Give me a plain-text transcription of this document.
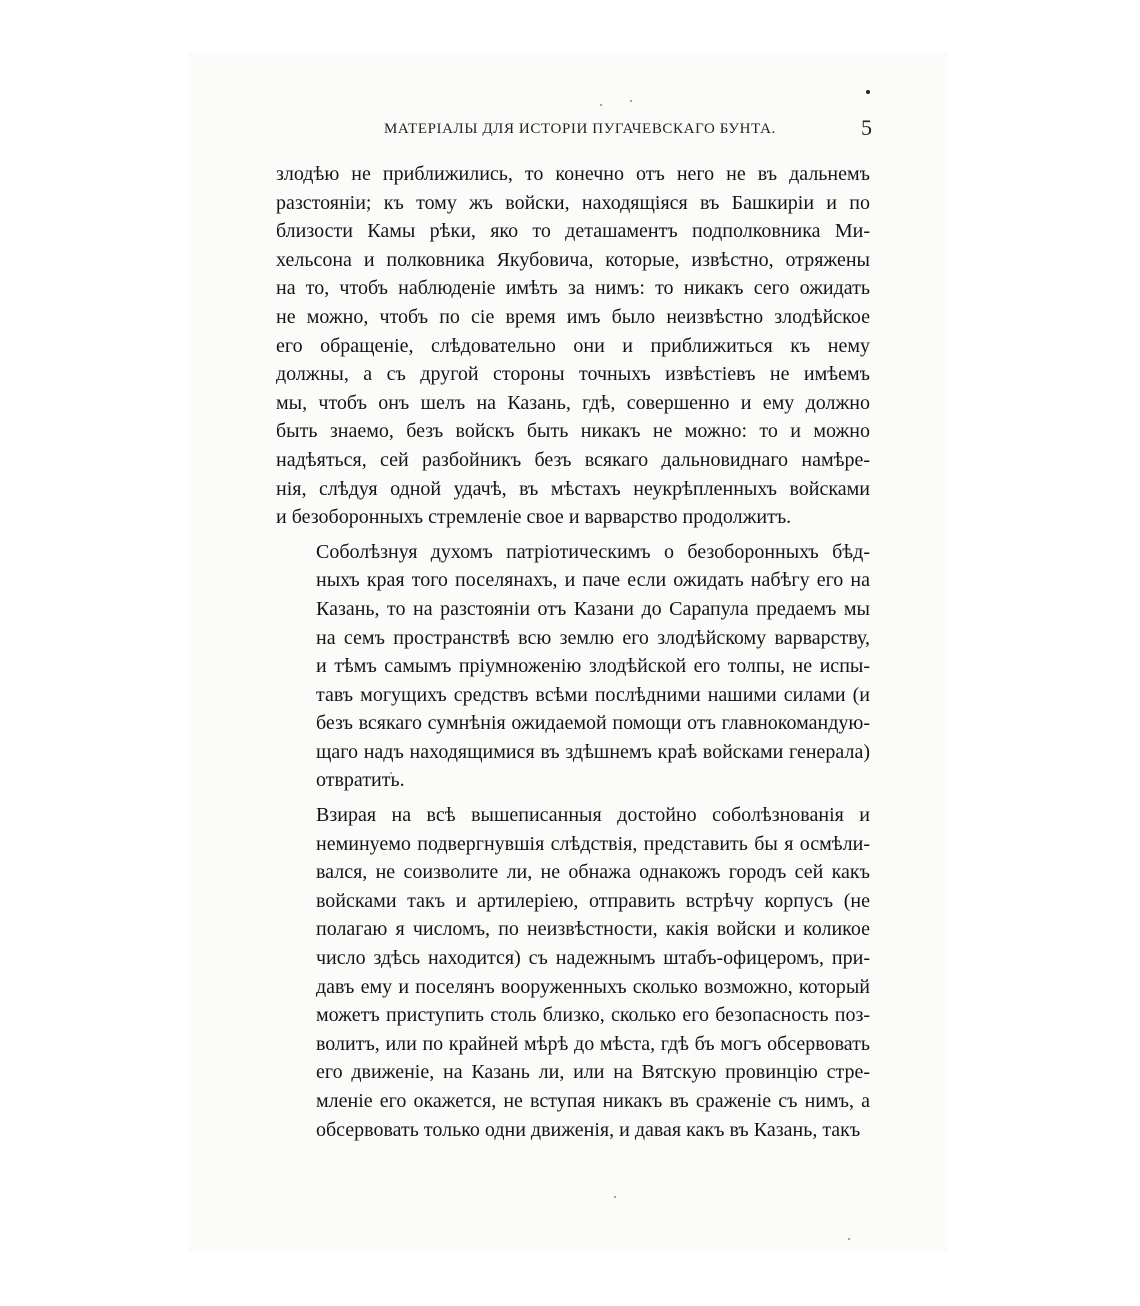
МАТЕРІАЛЫ ДЛЯ ИСТОРІИ ПУГАЧЕВСКАГО БУНТА.	5
злодѣю не приближились, то конечно отъ него не въ дальнемъ
разстояніи; къ тому жъ войски, находящіяся въ Башкиріи и по
близости Камы рѣки, яко то деташаментъ подполковника Ми-
хельсона и полковника Якубовича, которые, извѣстно, отряжены
на то, чтобъ наблюденіе имѣть за нимъ: то никакъ сего ожидать
не можно, чтобъ по сіе время имъ было неизвѣстно злодѣйское
его обращеніе, слѣдовательно они и приближиться къ нему
должны, а съ другой стороны точныхъ извѣстіевъ не имѣемъ
мы, чтобъ онъ шелъ на Казань, гдѣ, совершенно и ему должно
быть знаемо, безъ войскъ быть никакъ не можно: то и можно
надѣяться, сей разбойникъ безъ всякаго дальновиднаго намѣре-
нія, слѣдуя одной удачѣ, въ мѣстахъ неукрѣпленныхъ войсками
и безоборонныхъ стремленіе свое и варварство продолжитъ.
Соболѣзнуя духомъ патріотическимъ о безоборонныхъ бѣд-
ныхъ края того поселянахъ, и паче если ожидать набѣгу его на
Казань, то на разстояніи отъ Казани до Сарапула предаемъ мы
на семъ пространствѣ всю землю его злодѣйскому варварству,
и тѣмъ самымъ пріумноженію злодѣйской его толпы, не испы-
тавъ могущихъ средствъ всѣми послѣдними нашими силами (и
безъ всякаго сумнѣнія ожидаемой помощи отъ главнокомандую-
щаго надъ находящимися въ здѣшнемъ краѣ войсками генерала)
отвратить.
Взирая на всѣ вышеписанныя достойно соболѣзнованія и
неминуемо подвергнувшія слѣдствія, представить бы я осмѣли-
вался, не соизволите ли, не обнажа однакожъ городъ сей какъ
войсками такъ и артилеріею, отправить встрѣчу корпусъ (не
полагаю я числомъ, по неизвѣстности, какія войски и коликое
число здѣсь находится) съ надежнымъ штабъ-офицеромъ, при-
давъ ему и поселянъ вооруженныхъ сколько возможно, который
можетъ приступить столь близко, сколько его безопасность поз-
волитъ, или по крайней мѣрѣ до мѣста, гдѣ бъ могъ обсервовать
его движеніе, на Казань ли, или на Вятскую провинцію стре-
мленіе его окажется, не вступая никакъ въ сраженіе съ нимъ, а
обсервовать только одни движенія, и давая какъ въ Казань, такъ
